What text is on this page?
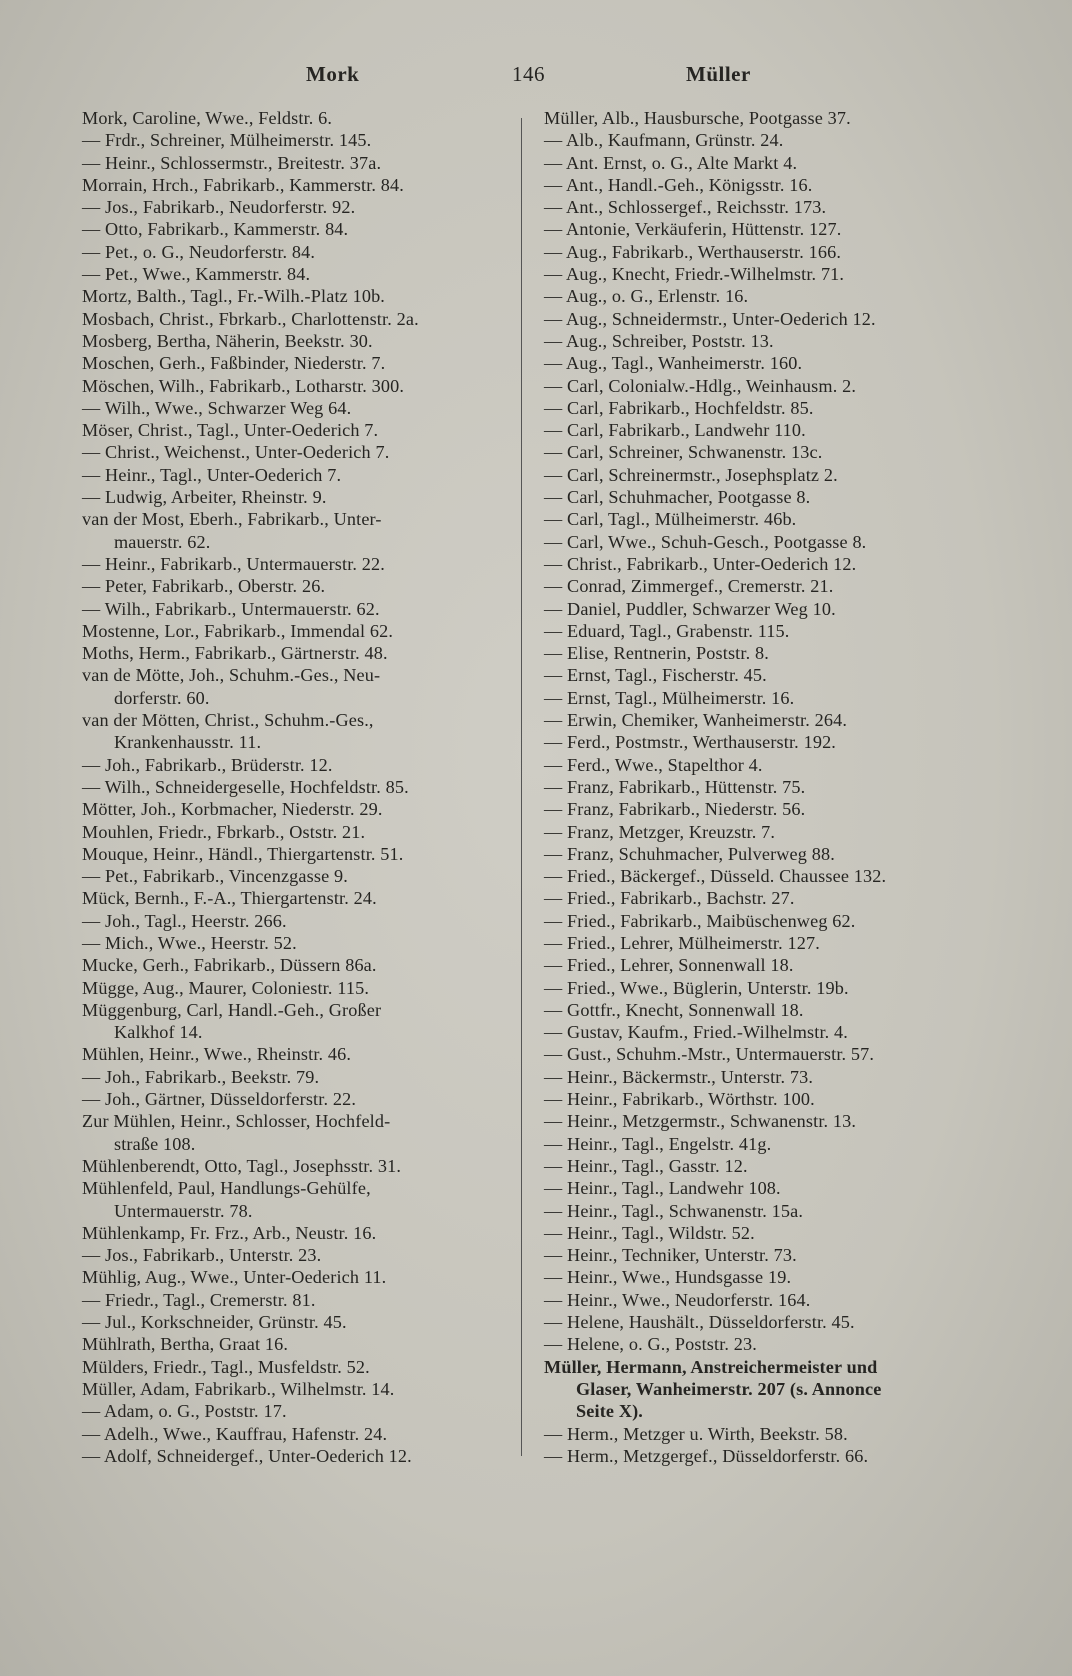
Mork	146	Müller
Mork, Caroline, Wwe., Feldstr. 6.
— Frdr., Schreiner, Mülheimerstr. 145.
— Heinr., Schlossermstr., Breitestr. 37a.
Morrain, Hrch., Fabrikarb., Kammerstr. 84.
— Jos., Fabrikarb., Neudorferstr. 92.
— Otto, Fabrikarb., Kammerstr. 84.
— Pet., o. G., Neudorferstr. 84.
— Pet., Wwe., Kammerstr. 84.
Mortz, Balth., Tagl., Fr.-Wilh.-Platz 10b.
Mosbach, Christ., Fbrkarb., Charlottenstr. 2a.
Mosberg, Bertha, Näherin, Beekstr. 30.
Moschen, Gerh., Faßbinder, Niederstr. 7.
Möschen, Wilh., Fabrikarb., Lotharstr. 300.
— Wilh., Wwe., Schwarzer Weg 64.
Möser, Christ., Tagl., Unter-Oederich 7.
— Christ., Weichenst., Unter-Oederich 7.
— Heinr., Tagl., Unter-Oederich 7.
— Ludwig, Arbeiter, Rheinstr. 9.
van der Most, Eberh., Fabrikarb., Unter-
mauerstr. 62.
— Heinr., Fabrikarb., Untermauerstr. 22.
— Peter, Fabrikarb., Oberstr. 26.
— Wilh., Fabrikarb., Untermauerstr. 62.
Mostenne, Lor., Fabrikarb., Immendal 62.
Moths, Herm., Fabrikarb., Gärtnerstr. 48.
van de Mötte, Joh., Schuhm.-Ges., Neu-
dorferstr. 60.
van der Mötten, Christ., Schuhm.-Ges.,
Krankenhausstr. 11.
— Joh., Fabrikarb., Brüderstr. 12.
— Wilh., Schneidergeselle, Hochfeldstr. 85.
Mötter, Joh., Korbmacher, Niederstr. 29.
Mouhlen, Friedr., Fbrkarb., Oststr. 21.
Mouque, Heinr., Händl., Thiergartenstr. 51.
— Pet., Fabrikarb., Vincenzgasse 9.
Mück, Bernh., F.-A., Thiergartenstr. 24.
— Joh., Tagl., Heerstr. 266.
— Mich., Wwe., Heerstr. 52.
Mucke, Gerh., Fabrikarb., Düssern 86a.
Mügge, Aug., Maurer, Coloniestr. 115.
Müggenburg, Carl, Handl.-Geh., Großer
Kalkhof 14.
Mühlen, Heinr., Wwe., Rheinstr. 46.
— Joh., Fabrikarb., Beekstr. 79.
— Joh., Gärtner, Düsseldorferstr. 22.
Zur Mühlen, Heinr., Schlosser, Hochfeld-
straße 108.
Mühlenberendt, Otto, Tagl., Josephsstr. 31.
Mühlenfeld, Paul, Handlungs-Gehülfe,
Untermauerstr. 78.
Mühlenkamp, Fr. Frz., Arb., Neustr. 16.
— Jos., Fabrikarb., Unterstr. 23.
Mühlig, Aug., Wwe., Unter-Oederich 11.
— Friedr., Tagl., Cremerstr. 81.
— Jul., Korkschneider, Grünstr. 45.
Mühlrath, Bertha, Graat 16.
Mülders, Friedr., Tagl., Musfeldstr. 52.
Müller, Adam, Fabrikarb., Wilhelmstr. 14.
— Adam, o. G., Poststr. 17.
— Adelh., Wwe., Kauffrau, Hafenstr. 24.
— Adolf, Schneidergef., Unter-Oederich 12.
Müller, Alb., Hausbursche, Pootgasse 37.
— Alb., Kaufmann, Grünstr. 24.
— Ant. Ernst, o. G., Alte Markt 4.
— Ant., Handl.-Geh., Königsstr. 16.
— Ant., Schlossergef., Reichsstr. 173.
— Antonie, Verkäuferin, Hüttenstr. 127.
— Aug., Fabrikarb., Werthauserstr. 166.
— Aug., Knecht, Friedr.-Wilhelmstr. 71.
— Aug., o. G., Erlenstr. 16.
— Aug., Schneidermstr., Unter-Oederich 12.
— Aug., Schreiber, Poststr. 13.
— Aug., Tagl., Wanheimerstr. 160.
— Carl, Colonialw.-Hdlg., Weinhausm. 2.
— Carl, Fabrikarb., Hochfeldstr. 85.
— Carl, Fabrikarb., Landwehr 110.
— Carl, Schreiner, Schwanenstr. 13c.
— Carl, Schreinermstr., Josephsplatz 2.
— Carl, Schuhmacher, Pootgasse 8.
— Carl, Tagl., Mülheimerstr. 46b.
— Carl, Wwe., Schuh-Gesch., Pootgasse 8.
— Christ., Fabrikarb., Unter-Oederich 12.
— Conrad, Zimmergef., Cremerstr. 21.
— Daniel, Puddler, Schwarzer Weg 10.
— Eduard, Tagl., Grabenstr. 115.
— Elise, Rentnerin, Poststr. 8.
— Ernst, Tagl., Fischerstr. 45.
— Ernst, Tagl., Mülheimerstr. 16.
— Erwin, Chemiker, Wanheimerstr. 264.
— Ferd., Postmstr., Werthauserstr. 192.
— Ferd., Wwe., Stapelthor 4.
— Franz, Fabrikarb., Hüttenstr. 75.
— Franz, Fabrikarb., Niederstr. 56.
— Franz, Metzger, Kreuzstr. 7.
— Franz, Schuhmacher, Pulverweg 88.
— Fried., Bäckergef., Düsseld. Chaussee 132.
— Fried., Fabrikarb., Bachstr. 27.
— Fried., Fabrikarb., Maibüschenweg 62.
— Fried., Lehrer, Mülheimerstr. 127.
— Fried., Lehrer, Sonnenwall 18.
— Fried., Wwe., Büglerin, Unterstr. 19b.
— Gottfr., Knecht, Sonnenwall 18.
— Gustav, Kaufm., Fried.-Wilhelmstr. 4.
— Gust., Schuhm.-Mstr., Untermauerstr. 57.
— Heinr., Bäckermstr., Unterstr. 73.
— Heinr., Fabrikarb., Wörthstr. 100.
— Heinr., Metzgermstr., Schwanenstr. 13.
— Heinr., Tagl., Engelstr. 41g.
— Heinr., Tagl., Gasstr. 12.
— Heinr., Tagl., Landwehr 108.
— Heinr., Tagl., Schwanenstr. 15a.
— Heinr., Tagl., Wildstr. 52.
— Heinr., Techniker, Unterstr. 73.
— Heinr., Wwe., Hundsgasse 19.
— Heinr., Wwe., Neudorferstr. 164.
— Helene, Haushält., Düsseldorferstr. 45.
— Helene, o. G., Poststr. 23.
Müller, Hermann, Anstreichermeister und
Glaser, Wanheimerstr. 207 (s. Annonce
Seite X).
— Herm., Metzger u. Wirth, Beekstr. 58.
— Herm., Metzgergef., Düsseldorferstr. 66.
